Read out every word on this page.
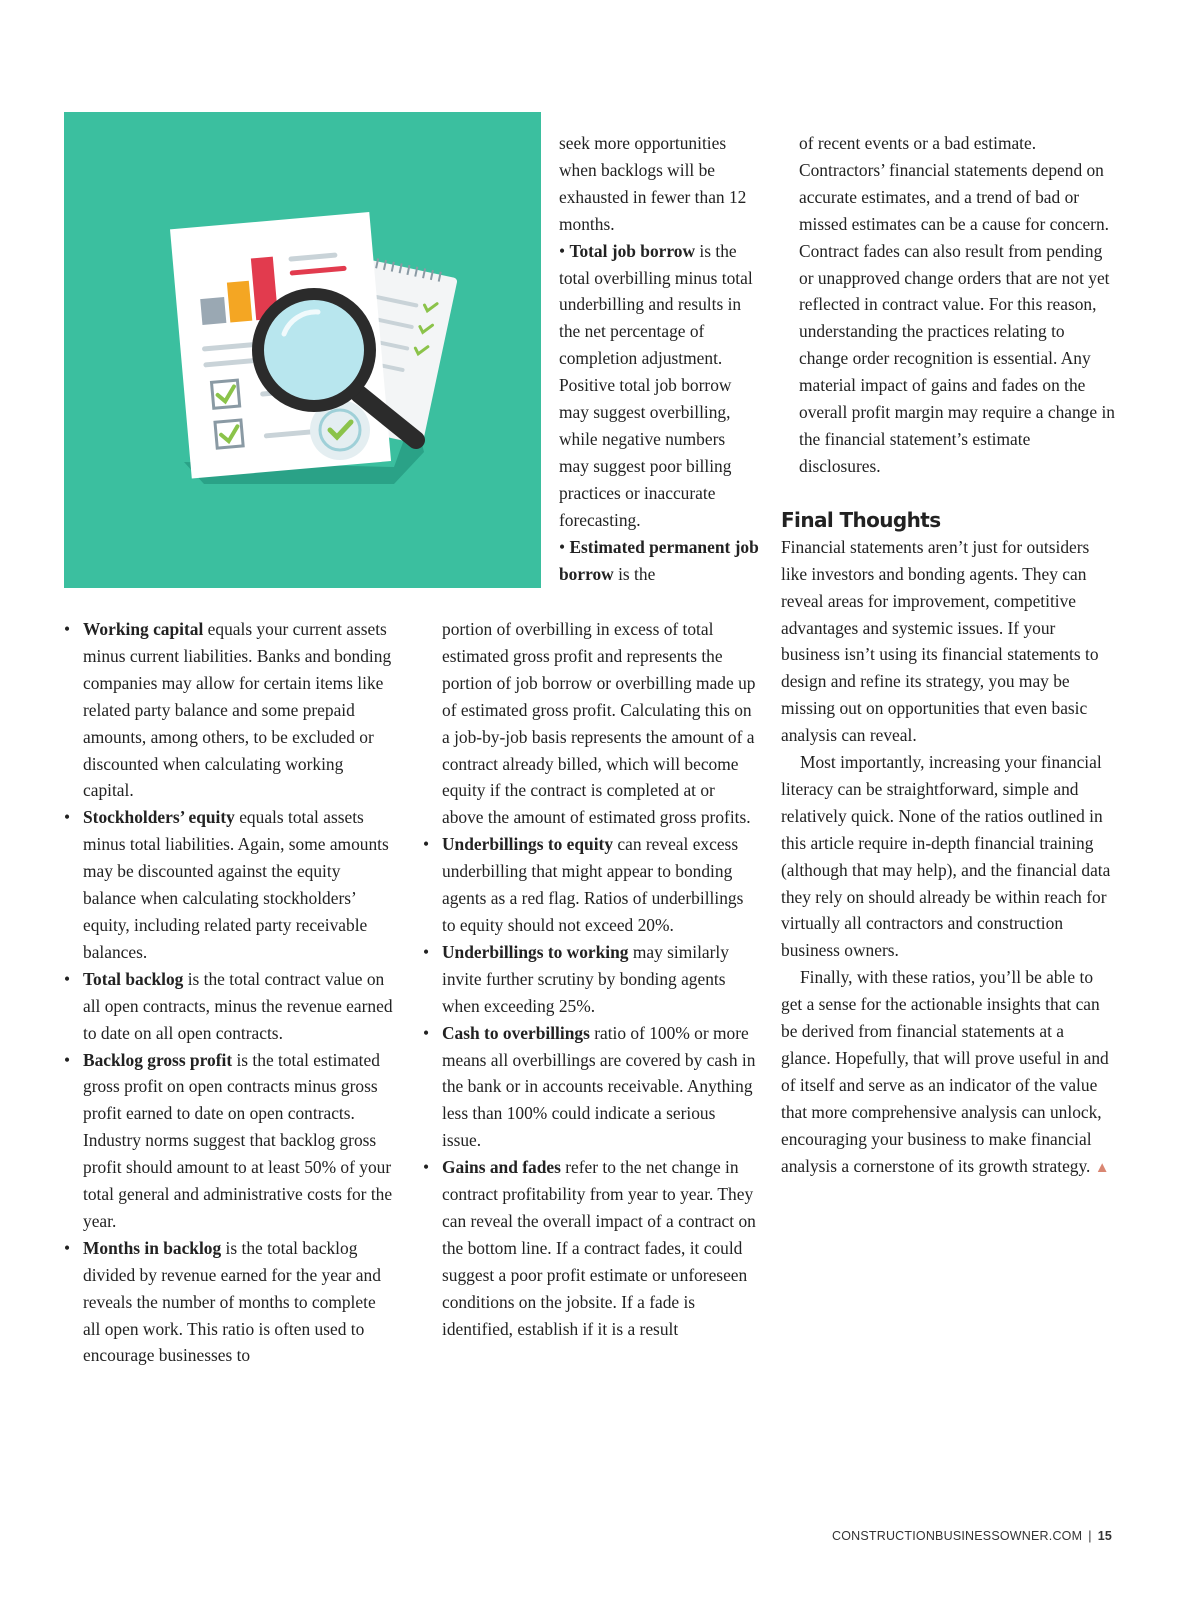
seek more opportunities when backlogs will be exhausted in fewer than 12 months.

• Total job borrow is the total overbilling minus total underbilling and results in the net percentage of completion adjustment. Positive total job borrow may suggest overbilling, while negative numbers may suggest poor billing practices or inaccurate forecasting.

• Estimated permanent job borrow is the

• Working capital equals your current assets minus current liabilities. Banks and bonding companies may allow for certain items like related party balance and some prepaid amounts, among others, to be excluded or discounted when calculating working capital.
• Stockholders’ equity equals total assets minus total liabilities. Again, some amounts may be discounted against the equity balance when calculating stockholders’ equity, including related party receivable balances.
• Total backlog is the total contract value on all open contracts, minus the revenue earned to date on all open contracts.
• Backlog gross profit is the total estimated gross profit on open contracts minus gross profit earned to date on open contracts. Industry norms suggest that backlog gross profit should amount to at least 50% of your total general and administrative costs for the year.
• Months in backlog is the total backlog divided by revenue earned for the year and reveals the number of months to complete all open work. This ratio is often used to encourage businesses to

portion of overbilling in excess of total estimated gross profit and represents the portion of job borrow or overbilling made up of estimated gross profit. Calculating this on a job-by-job basis represents the amount of a contract already billed, which will become equity if the contract is completed at or above the amount of estimated gross profits.

• Underbillings to equity can reveal excess underbilling that might appear to bonding agents as a red flag. Ratios of underbillings to equity should not exceed 20%.
• Underbillings to working may similarly invite further scrutiny by bonding agents when exceeding 25%.
• Cash to overbillings ratio of 100% or more means all overbillings are covered by cash in the bank or in accounts receivable. Anything less than 100% could indicate a serious issue.
• Gains and fades refer to the net change in contract profitability from year to year. They can reveal the overall impact of a contract on the bottom line. If a contract fades, it could suggest a poor profit estimate or unforeseen conditions on the jobsite. If a fade is identified, establish if it is a result

of recent events or a bad estimate. Contractors’ financial statements depend on accurate estimates, and a trend of bad or missed estimates can be a cause for concern. Contract fades can also result from pending or unapproved change orders that are not yet reflected in contract value. For this reason, understanding the practices relating to change order recognition is essential. Any material impact of gains and fades on the overall profit margin may require a change in the financial statement’s estimate disclosures.

Final Thoughts

Financial statements aren’t just for outsiders like investors and bonding agents. They can reveal areas for improvement, competitive advantages and systemic issues. If your business isn’t using its financial statements to design and refine its strategy, you may be missing out on opportunities that even basic analysis can reveal.

Most importantly, increasing your financial literacy can be straightforward, simple and relatively quick. None of the ratios outlined in this article require in-depth financial training (although that may help), and the financial data they rely on should already be within reach for virtually all contractors and construction business owners.

Finally, with these ratios, you’ll be able to get a sense for the actionable insights that can be derived from financial statements at a glance. Hopefully, that will prove useful in and of itself and serve as an indicator of the value that more comprehensive analysis can unlock, encouraging your business to make financial analysis a cornerstone of its growth strategy. ▲

CONSTRUCTIONBUSINESSOWNER.COM | 15
